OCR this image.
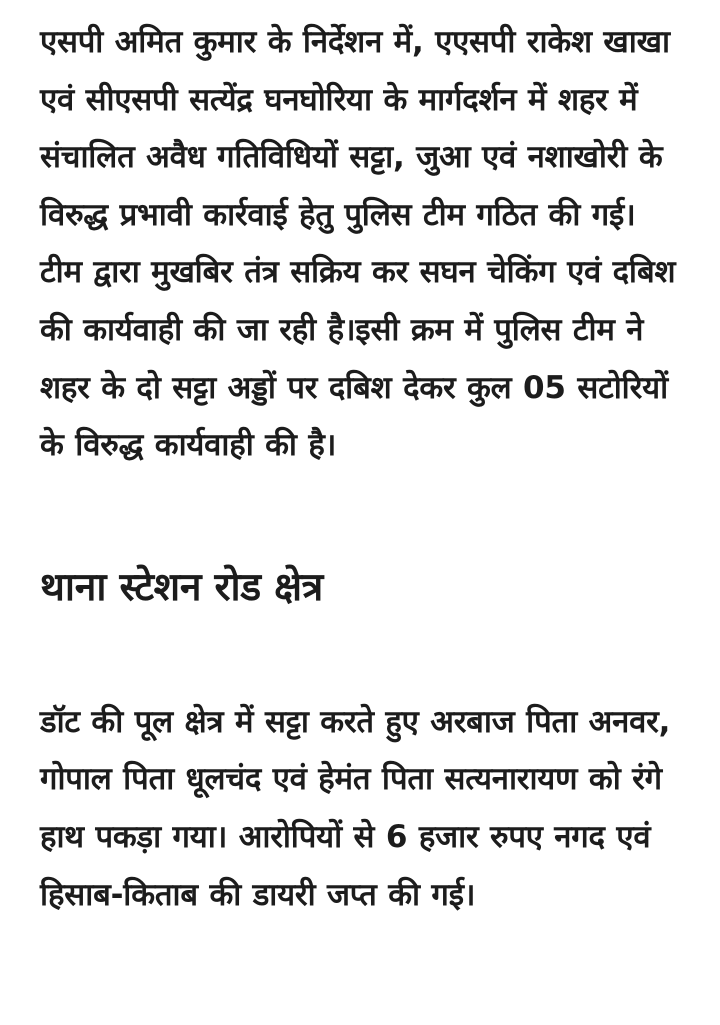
एसपी अमित कुमार के निर्देशन में, एएसपी राकेश खाखा एवं सीएसपी सत्येंद्र घनघोरिया के मार्गदर्शन में शहर में संचालित अवैध गतिविधियों सट्टा, जुआ एवं नशाखोरी के विरुद्ध प्रभावी कार्रवाई हेतु पुलिस टीम गठित की गई। टीम द्वारा मुखबिर तंत्र सक्रिय कर सघन चेकिंग एवं दबिश की कार्यवाही की जा रही है।इसी क्रम में पुलिस टीम ने शहर के दो सट्टा अड्डों पर दबिश देकर कुल 05 सटोरियों के विरुद्ध कार्यवाही की है।

थाना स्टेशन रोड क्षेत्र

डॉट की पूल क्षेत्र में सट्टा करते हुए अरबाज पिता अनवर, गोपाल पिता धूलचंद एवं हेमंत पिता सत्यनारायण को रंगे हाथ पकड़ा गया। आरोपियों से 6 हजार रुपए नगद एवं हिसाब-किताब की डायरी जप्त की गई।
